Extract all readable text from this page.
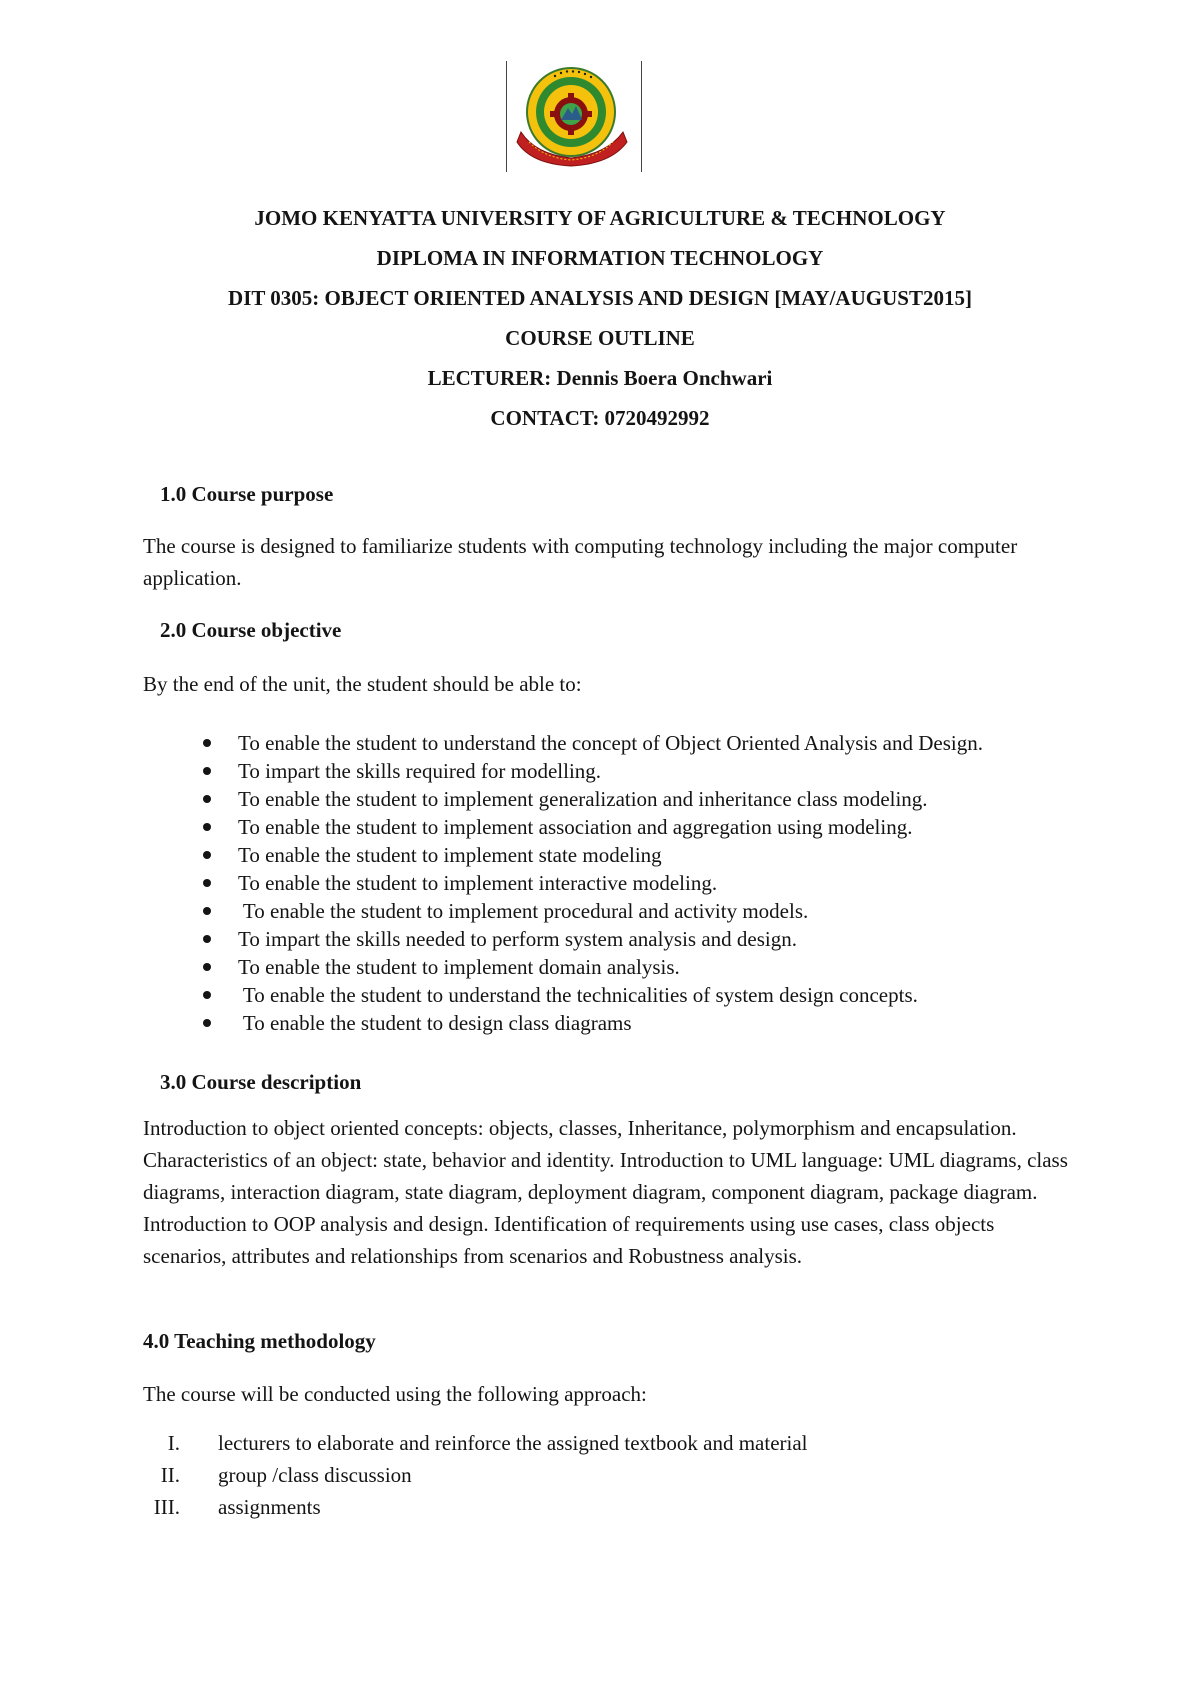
JOMO KENYATTA UNIVERSITY OF AGRICULTURE & TECHNOLOGY
DIPLOMA IN INFORMATION TECHNOLOGY
DIT 0305: OBJECT ORIENTED ANALYSIS AND DESIGN [MAY/AUGUST2015]
COURSE OUTLINE
LECTURER: Dennis Boera Onchwari
CONTACT: 0720492992
1.0 Course purpose
The course is designed to familiarize students with computing technology including the major computer application.
2.0 Course objective
By the end of the unit, the student should be able to:
To enable the student to understand the concept of Object Oriented Analysis and Design.
To impart the skills required for modelling.
To enable the student to implement generalization and inheritance class modeling.
To enable the student to implement association and aggregation using modeling.
To enable the student to implement state modeling
To enable the student to implement interactive modeling.
To enable the student to implement procedural and activity models.
To impart the skills needed to perform system analysis and design.
To enable the student to implement domain analysis.
To enable the student to understand the technicalities of system design concepts.
To enable the student to design class diagrams
3.0 Course description
Introduction to object oriented concepts: objects, classes, Inheritance, polymorphism and encapsulation. Characteristics of an object: state, behavior and identity. Introduction to UML language: UML diagrams, class diagrams, interaction diagram, state diagram, deployment diagram, component diagram, package diagram. Introduction to OOP analysis and design. Identification of requirements using use cases, class objects scenarios, attributes and relationships from scenarios and Robustness analysis.
4.0 Teaching methodology
The course will be conducted using the following approach:
I. lecturers to elaborate and reinforce the assigned textbook and material
II. group /class discussion
III. assignments
